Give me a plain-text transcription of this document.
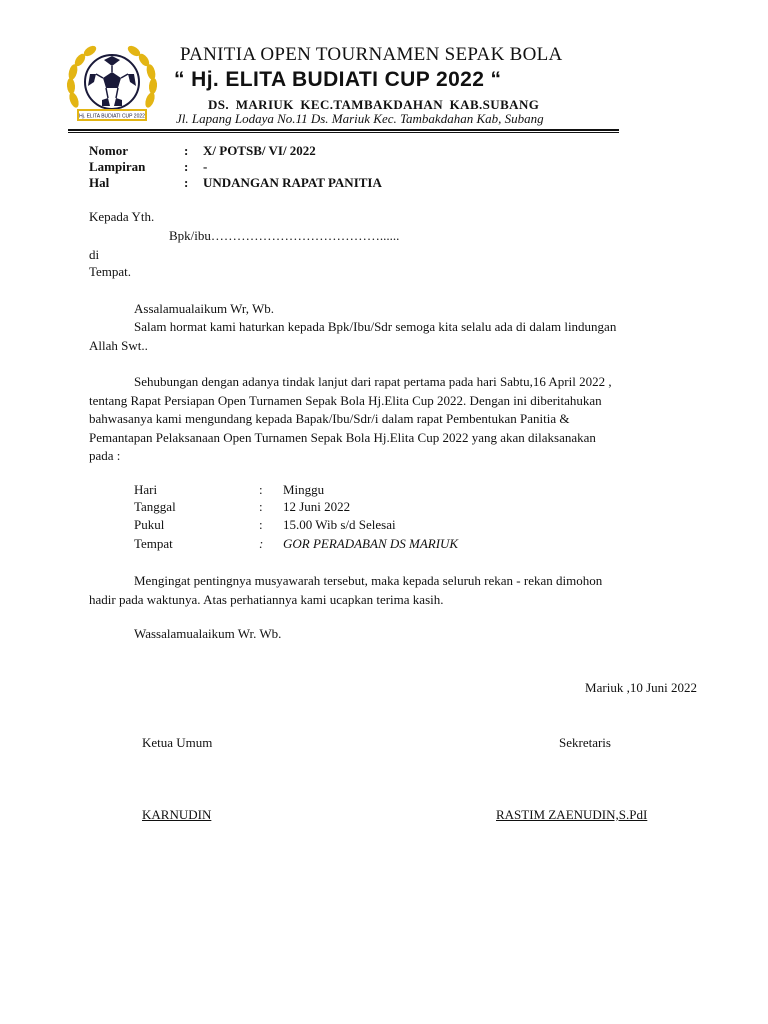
Hj. ELITA BUDIATI CUP 2022
PANITIA OPEN TOURNAMEN SEPAK BOLA
“ Hj. ELITA BUDIATI CUP 2022 “
DS. MARIUK KEC.TAMBAKDAHAN KAB.SUBANG
Jl. Lapang Lodaya No.11 Ds. Mariuk Kec. Tambakdahan Kab, Subang
Nomor	: X/ POTSB/ VI/ 2022
Lampiran	: -
Hal	: UNDANGAN RAPAT PANITIA
Kepada Yth.
Bpk/ibu…………………………………......
di
Tempat.
Assalamualaikum Wr, Wb.
Salam hormat kami haturkan kepada Bpk/Ibu/Sdr semoga kita selalu ada di dalam lindungan
Allah Swt..
Sehubungan dengan adanya tindak lanjut dari rapat pertama pada hari Sabtu,16 April 2022 ,
tentang Rapat Persiapan Open Turnamen Sepak Bola Hj.Elita Cup 2022. Dengan ini diberitahukan
bahwasanya kami mengundang kepada Bapak/Ibu/Sdr/i dalam rapat Pembentukan Panitia &
Pemantapan Pelaksanaan Open Turnamen Sepak Bola Hj.Elita Cup 2022 yang akan dilaksanakan
pada :
Hari	: Minggu
Tanggal	: 12 Juni 2022
Pukul	: 15.00 Wib s/d Selesai
Tempat	: GOR PERADABAN DS MARIUK
Mengingat pentingnya musyawarah tersebut, maka kepada seluruh rekan - rekan dimohon
hadir pada waktunya. Atas perhatiannya kami ucapkan terima kasih.
Wassalamualaikum Wr. Wb.
Mariuk ,10 Juni 2022
Ketua Umum	Sekretaris
KARNUDIN	RASTIM ZAENUDIN,S.PdI
